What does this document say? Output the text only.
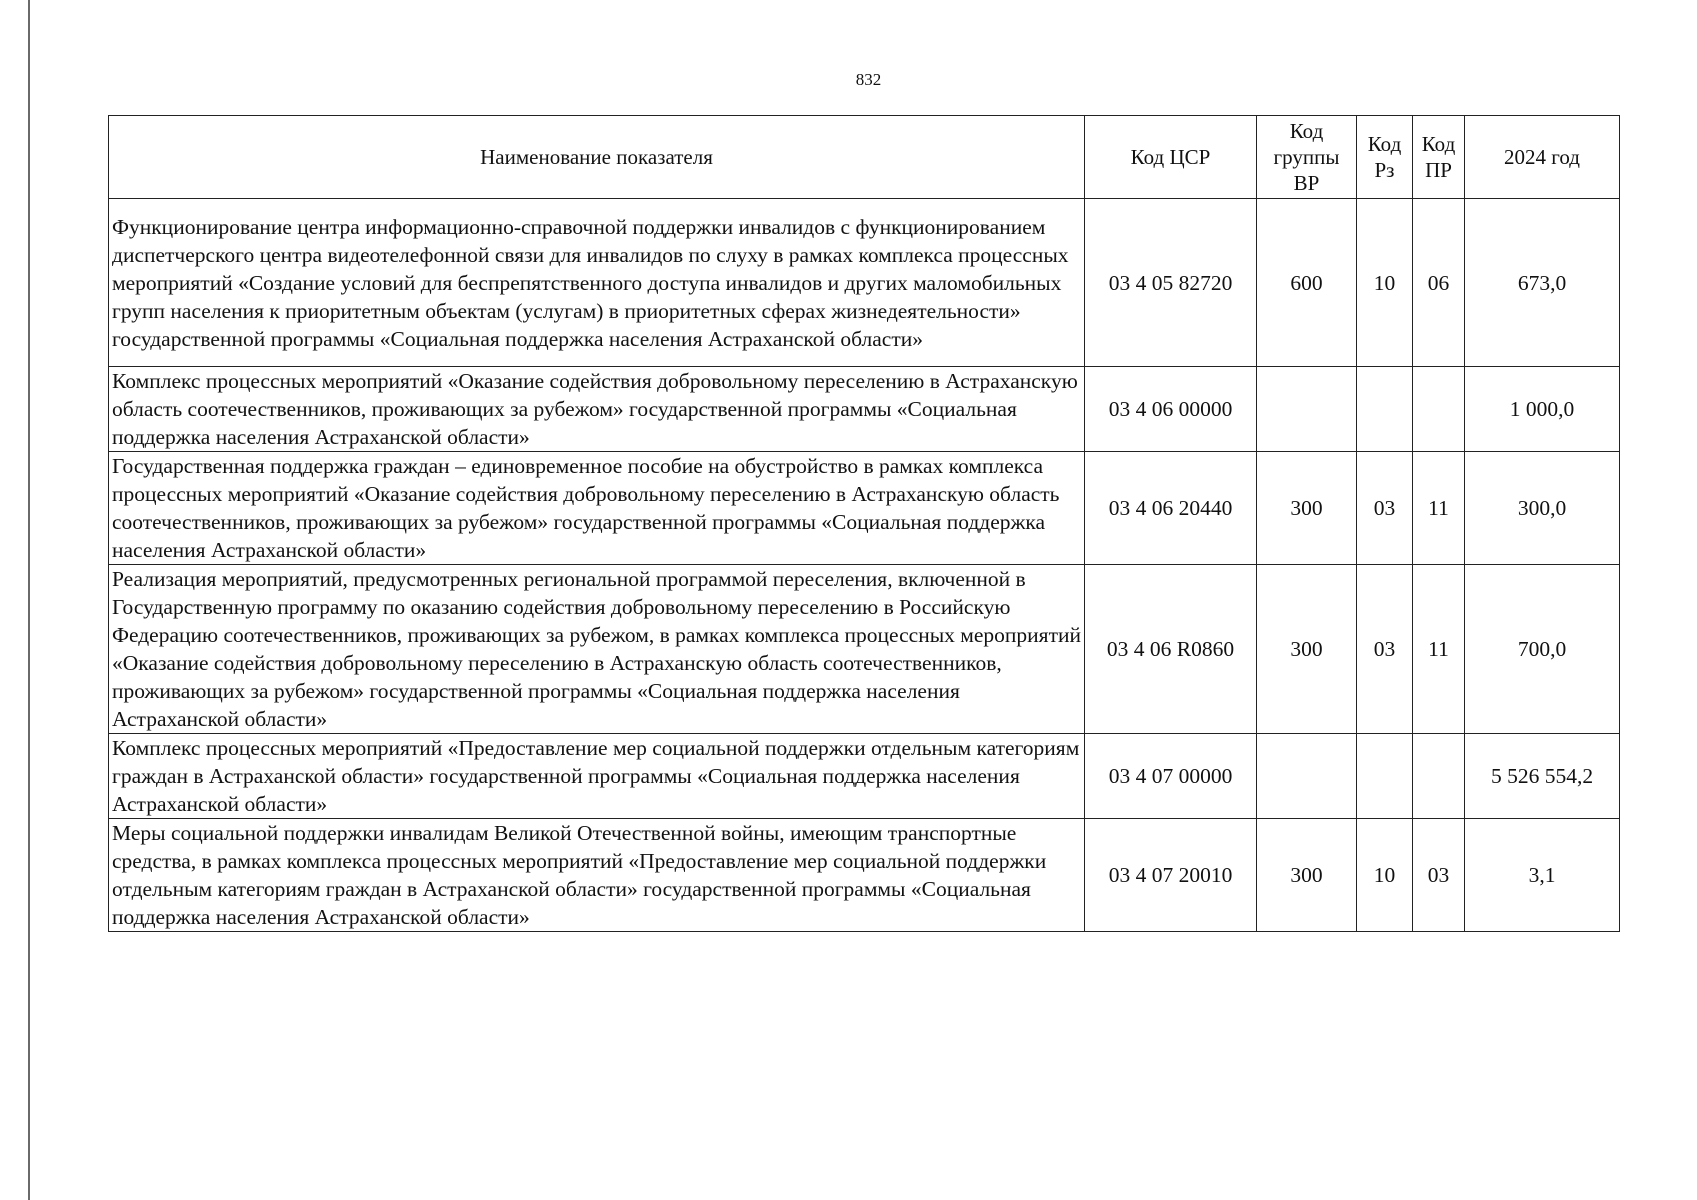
832
Наименование показателя	Код ЦСР	Код группы ВР	Код Рз	Код ПР	2024 год
Функционирование центра информационно-справочной поддержки инвалидов с функционированием диспетчерского центра видеотелефонной связи для инвалидов по слуху в рамках комплекса процессных мероприятий «Создание условий для беспрепятственного доступа инвалидов и других маломобильных групп населения к приоритетным объектам (услугам) в приоритетных сферах жизнедеятельности» государственной программы «Социальная поддержка населения Астраханской области»	03 4 05 82720	600	10	06	673,0
Комплекс процессных мероприятий «Оказание содействия добровольному переселению в Астраханскую область соотечественников, проживающих за рубежом» государственной программы «Социальная поддержка населения Астраханской области»	03 4 06 00000				1 000,0
Государственная поддержка граждан – единовременное пособие на обустройство в рамках комплекса процессных мероприятий «Оказание содействия добровольному переселению в Астраханскую область соотечественников, проживающих за рубежом» государственной программы «Социальная поддержка населения Астраханской области»	03 4 06 20440	300	03	11	300,0
Реализация мероприятий, предусмотренных региональной программой переселения, включенной в Государственную программу по оказанию содействия добровольному переселению в Российскую Федерацию соотечественников, проживающих за рубежом, в рамках комплекса процессных мероприятий «Оказание содействия добровольному переселению в Астраханскую область соотечественников, проживающих за рубежом» государственной программы «Социальная поддержка населения Астраханской области»	03 4 06 R0860	300	03	11	700,0
Комплекс процессных мероприятий «Предоставление мер социальной поддержки отдельным категориям граждан в Астраханской области» государственной программы «Социальная поддержка населения Астраханской области»	03 4 07 00000				5 526 554,2
Меры социальной поддержки инвалидам Великой Отечественной войны, имеющим транспортные средства, в рамках комплекса процессных мероприятий «Предоставление мер социальной поддержки отдельным категориям граждан в Астраханской области» государственной программы «Социальная поддержка населения Астраханской области»	03 4 07 20010	300	10	03	3,1
